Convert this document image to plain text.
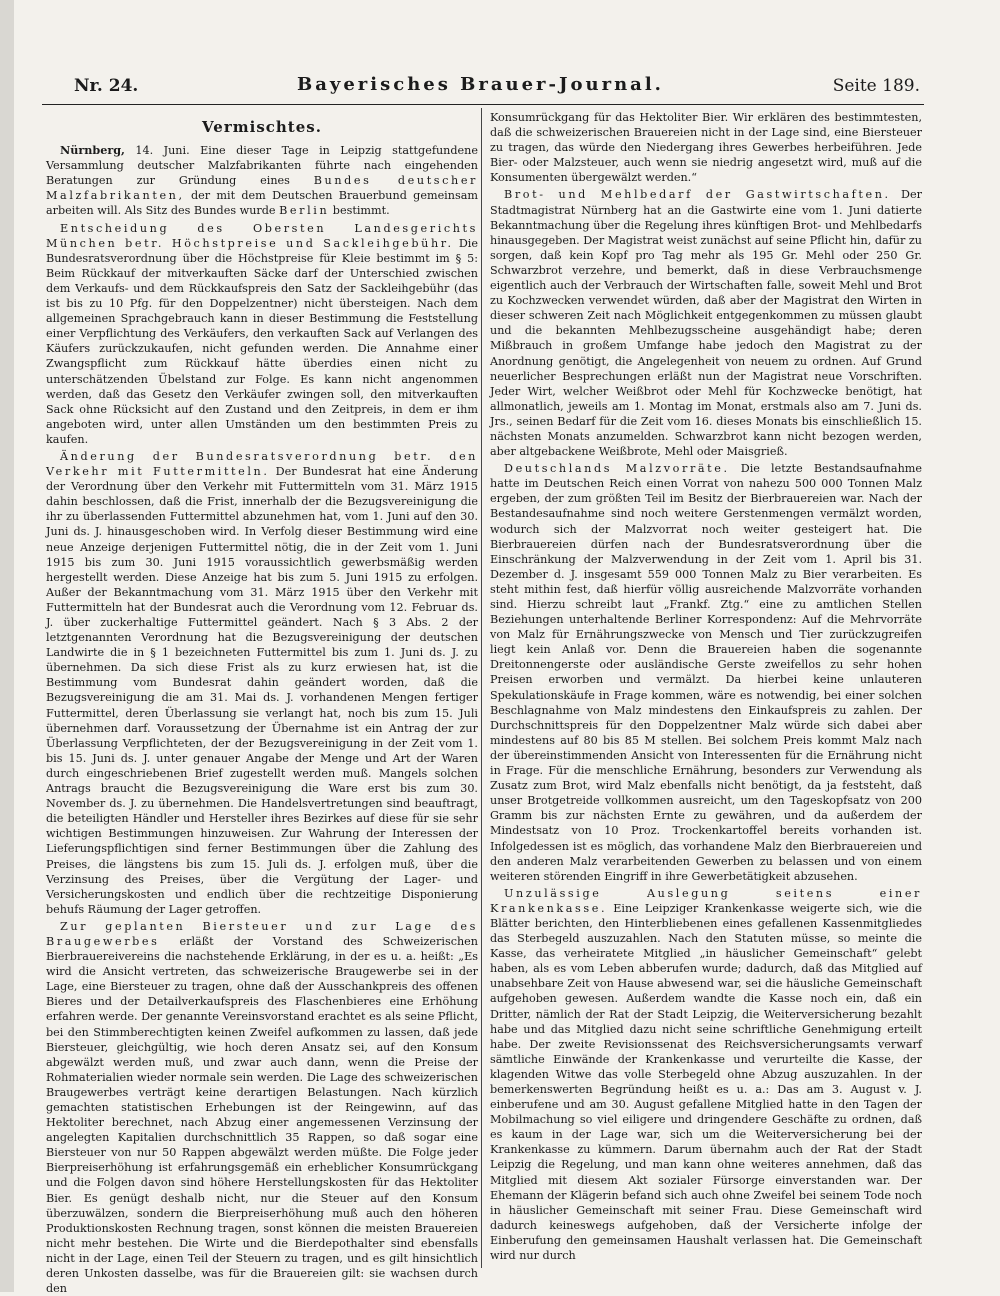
Nr. 24.	Bayerisches Brauer-Journal.	Seite 189.
Vermischtes.

Nürnberg, 14. Juni. Eine dieser Tage in Leipzig stattgefundene Versammlung deutscher Malzfabrikanten führte nach eingehenden Beratungen zur Gründung eines Bundes deutscher Malzfabrikanten, der mit dem Deutschen Brauerbund gemeinsam arbeiten will. Als Sitz des Bundes wurde Berlin bestimmt.

Entscheidung des Obersten Landesgerichts München betr. Höchstpreise und Sackleihgebühr. Die Bundesratsverordnung über die Höchstpreise für Kleie bestimmt im § 5: Beim Rückkauf der mitverkauften Säcke darf der Unterschied zwischen dem Verkaufs- und dem Rückkaufspreis den Satz der Sackleihgebühr (das ist bis zu 10 Pfg. für den Doppelzentner) nicht übersteigen. Nach dem allgemeinen Sprachgebrauch kann in dieser Bestimmung die Feststellung einer Verpflichtung des Verkäufers, den verkauften Sack auf Verlangen des Käufers zurückzukaufen, nicht gefunden werden. Die Annahme einer Zwangspflicht zum Rückkauf hätte überdies einen nicht zu unterschätzenden Übelstand zur Folge. Es kann nicht angenommen werden, daß das Gesetz den Verkäufer zwingen soll, den mitverkauften Sack ohne Rücksicht auf den Zustand und den Zeitpreis, in dem er ihm angeboten wird, unter allen Umständen um den bestimmten Preis zu kaufen.

Änderung der Bundesratsverordnung betr. den Verkehr mit Futtermitteln. Der Bundesrat hat eine Änderung der Verordnung über den Verkehr mit Futtermitteln vom 31. März 1915 dahin beschlossen, daß die Frist, innerhalb der die Bezugsvereinigung die ihr zu überlassenden Futtermittel abzunehmen hat, vom 1. Juni auf den 30. Juni ds. J. hinausgeschoben wird. In Verfolg dieser Bestimmung wird eine neue Anzeige derjenigen Futtermittel nötig, die in der Zeit vom 1. Juni 1915 bis zum 30. Juni 1915 voraussichtlich gewerbsmäßig werden hergestellt werden. Diese Anzeige hat bis zum 5. Juni 1915 zu erfolgen. Außer der Bekanntmachung vom 31. März 1915 über den Verkehr mit Futtermitteln hat der Bundesrat auch die Verordnung vom 12. Februar ds. J. über zuckerhaltige Futtermittel geändert. Nach § 3 Abs. 2 der letztgenannten Verordnung hat die Bezugsvereinigung der deutschen Landwirte die in § 1 bezeichneten Futtermittel bis zum 1. Juni ds. J. zu übernehmen. Da sich diese Frist als zu kurz erwiesen hat, ist die Bestimmung vom Bundesrat dahin geändert worden, daß die Bezugsvereinigung die am 31. Mai ds. J. vorhandenen Mengen fertiger Futtermittel, deren Überlassung sie verlangt hat, noch bis zum 15. Juli übernehmen darf. Voraussetzung der Übernahme ist ein Antrag der zur Überlassung Verpflichteten, der der Bezugsvereinigung in der Zeit vom 1. bis 15. Juni ds. J. unter genauer Angabe der Menge und Art der Waren durch eingeschriebenen Brief zugestellt werden muß. Mangels solchen Antrags braucht die Bezugsvereinigung die Ware erst bis zum 30. November ds. J. zu übernehmen. Die Handelsvertretungen sind beauftragt, die beteiligten Händler und Hersteller ihres Bezirkes auf diese für sie sehr wichtigen Bestimmungen hinzuweisen. Zur Wahrung der Interessen der Lieferungspflichtigen sind ferner Bestimmungen über die Zahlung des Preises, die längstens bis zum 15. Juli ds. J. erfolgen muß, über die Verzinsung des Preises, über die Vergütung der Lager- und Versicherungskosten und endlich über die rechtzeitige Disponierung behufs Räumung der Lager getroffen.

Zur geplanten Biersteuer und zur Lage des Braugewerbes erläßt der Vorstand des Schweizerischen Bierbrauereivereins die nachstehende Erklärung, in der es u. a. heißt: „Es wird die Ansicht vertreten, das schweizerische Braugewerbe sei in der Lage, eine Biersteuer zu tragen, ohne daß der Ausschankpreis des offenen Bieres und der Detailverkaufspreis des Flaschenbieres eine Erhöhung erfahren werde. Der genannte Vereinsvorstand erachtet es als seine Pflicht, bei den Stimmberechtigten keinen Zweifel aufkommen zu lassen, daß jede Biersteuer, gleichgültig, wie hoch deren Ansatz sei, auf den Konsum abgewälzt werden muß, und zwar auch dann, wenn die Preise der Rohmaterialien wieder normale sein werden. Die Lage des schweizerischen Braugewerbes verträgt keine derartigen Belastungen. Nach kürzlich gemachten statistischen Erhebungen ist der Reingewinn, auf das Hektoliter berechnet, nach Abzug einer angemessenen Verzinsung der angelegten Kapitalien durchschnittlich 35 Rappen, so daß sogar eine Biersteuer von nur 50 Rappen abgewälzt werden müßte. Die Folge jeder Bierpreiserhöhung ist erfahrungsgemäß ein erheblicher Konsumrückgang und die Folgen davon sind höhere Herstellungskosten für das Hektoliter Bier. Es genügt deshalb nicht, nur die Steuer auf den Konsum überzuwälzen, sondern die Bierpreiserhöhung muß auch den höheren Produktionskosten Rechnung tragen, sonst können die meisten Brauereien nicht mehr bestehen. Die Wirte und die Bierdepothalter sind ebensfalls nicht in der Lage, einen Teil der Steuern zu tragen, und es gilt hinsichtlich deren Unkosten dasselbe, was für die Brauereien gilt: sie wachsen durch den

Konsumrückgang für das Hektoliter Bier. Wir erklären des bestimmtesten, daß die schweizerischen Brauereien nicht in der Lage sind, eine Biersteuer zu tragen, das würde den Niedergang ihres Gewerbes herbeiführen. Jede Bier- oder Malzsteuer, auch wenn sie niedrig angesetzt wird, muß auf die Konsumenten übergewälzt werden.“

Brot- und Mehlbedarf der Gastwirtschaften. Der Stadtmagistrat Nürnberg hat an die Gastwirte eine vom 1. Juni datierte Bekanntmachung über die Regelung ihres künftigen Brot- und Mehlbedarfs hinausgegeben. Der Magistrat weist zunächst auf seine Pflicht hin, dafür zu sorgen, daß kein Kopf pro Tag mehr als 195 Gr. Mehl oder 250 Gr. Schwarzbrot verzehre, und bemerkt, daß in diese Verbrauchsmenge eigentlich auch der Verbrauch der Wirtschaften falle, soweit Mehl und Brot zu Kochzwecken verwendet würden, daß aber der Magistrat den Wirten in dieser schweren Zeit nach Möglichkeit entgegenkommen zu müssen glaubt und die bekannten Mehlbezugsscheine ausgehändigt habe; deren Mißbrauch in großem Umfange habe jedoch den Magistrat zu der Anordnung genötigt, die Angelegenheit von neuem zu ordnen. Auf Grund neuerlicher Besprechungen erläßt nun der Magistrat neue Vorschriften. Jeder Wirt, welcher Weißbrot oder Mehl für Kochzwecke benötigt, hat allmonatlich, jeweils am 1. Montag im Monat, erstmals also am 7. Juni ds. Jrs., seinen Bedarf für die Zeit vom 16. dieses Monats bis einschließlich 15. nächsten Monats anzumelden. Schwarzbrot kann nicht bezogen werden, aber altgebackene Weißbrote, Mehl oder Maisgrieß.

Deutschlands Malzvorräte. Die letzte Bestandsaufnahme hatte im Deutschen Reich einen Vorrat von nahezu 500 000 Tonnen Malz ergeben, der zum größten Teil im Besitz der Bierbrauereien war. Nach der Bestandesaufnahme sind noch weitere Gerstenmengen vermälzt worden, wodurch sich der Malzvorrat noch weiter gesteigert hat. Die Bierbrauereien dürfen nach der Bundesratsverordnung über die Einschränkung der Malzverwendung in der Zeit vom 1. April bis 31. Dezember d. J. insgesamt 559 000 Tonnen Malz zu Bier verarbeiten. Es steht mithin fest, daß hierfür völlig ausreichende Malzvorräte vorhanden sind. Hierzu schreibt laut „Frankf. Ztg.“ eine zu amtlichen Stellen Beziehungen unterhaltende Berliner Korrespondenz: Auf die Mehrvorräte von Malz für Ernährungszwecke von Mensch und Tier zurückzugreifen liegt kein Anlaß vor. Denn die Brauereien haben die sogenannte Dreitonnengerste oder ausländische Gerste zweifellos zu sehr hohen Preisen erworben und vermälzt. Da hierbei keine unlauteren Spekulationskäufe in Frage kommen, wäre es notwendig, bei einer solchen Beschlagnahme von Malz mindestens den Einkaufspreis zu zahlen. Der Durchschnittspreis für den Doppelzentner Malz würde sich dabei aber mindestens auf 80 bis 85 M stellen. Bei solchem Preis kommt Malz nach der übereinstimmenden Ansicht von Interessenten für die Ernährung nicht in Frage. Für die menschliche Ernährung, besonders zur Verwendung als Zusatz zum Brot, wird Malz ebenfalls nicht benötigt, da ja feststeht, daß unser Brotgetreide vollkommen ausreicht, um den Tageskopfsatz von 200 Gramm bis zur nächsten Ernte zu gewähren, und da außerdem der Mindestsatz von 10 Proz. Trockenkartoffel bereits vorhanden ist. Infolgedessen ist es möglich, das vorhandene Malz den Bierbrauereien und den anderen Malz verarbeitenden Gewerben zu belassen und von einem weiteren störenden Eingriff in ihre Gewerbetätigkeit abzusehen.

Unzulässige Auslegung seitens einer Krankenkasse. Eine Leipziger Krankenkasse weigerte sich, wie die Blätter berichten, den Hinterbliebenen eines gefallenen Kassenmitgliedes das Sterbegeld auszuzahlen. Nach den Statuten müsse, so meinte die Kasse, das verheiratete Mitglied „in häuslicher Gemeinschaft“ gelebt haben, als es vom Leben abberufen wurde; dadurch, daß das Mitglied auf unabsehbare Zeit von Hause abwesend war, sei die häusliche Gemeinschaft aufgehoben gewesen. Außerdem wandte die Kasse noch ein, daß ein Dritter, nämlich der Rat der Stadt Leipzig, die Weiterversicherung bezahlt habe und das Mitglied dazu nicht seine schriftliche Genehmigung erteilt habe. Der zweite Revisionssenat des Reichsversicherungsamts verwarf sämtliche Einwände der Krankenkasse und verurteilte die Kasse, der klagenden Witwe das volle Sterbegeld ohne Abzug auszuzahlen. In der bemerkenswerten Begründung heißt es u. a.: Das am 3. August v. J. einberufene und am 30. August gefallene Mitglied hatte in den Tagen der Mobilmachung so viel eiligere und dringendere Geschäfte zu ordnen, daß es kaum in der Lage war, sich um die Weiterversicherung bei der Krankenkasse zu kümmern. Darum übernahm auch der Rat der Stadt Leipzig die Regelung, und man kann ohne weiteres annehmen, daß das Mitglied mit diesem Akt sozialer Fürsorge einverstanden war. Der Ehemann der Klägerin befand sich auch ohne Zweifel bei seinem Tode noch in häuslicher Gemeinschaft mit seiner Frau. Diese Gemeinschaft wird dadurch keineswegs aufgehoben, daß der Versicherte infolge der Einberufung den gemeinsamen Haushalt verlassen hat. Die Gemeinschaft wird nur durch
